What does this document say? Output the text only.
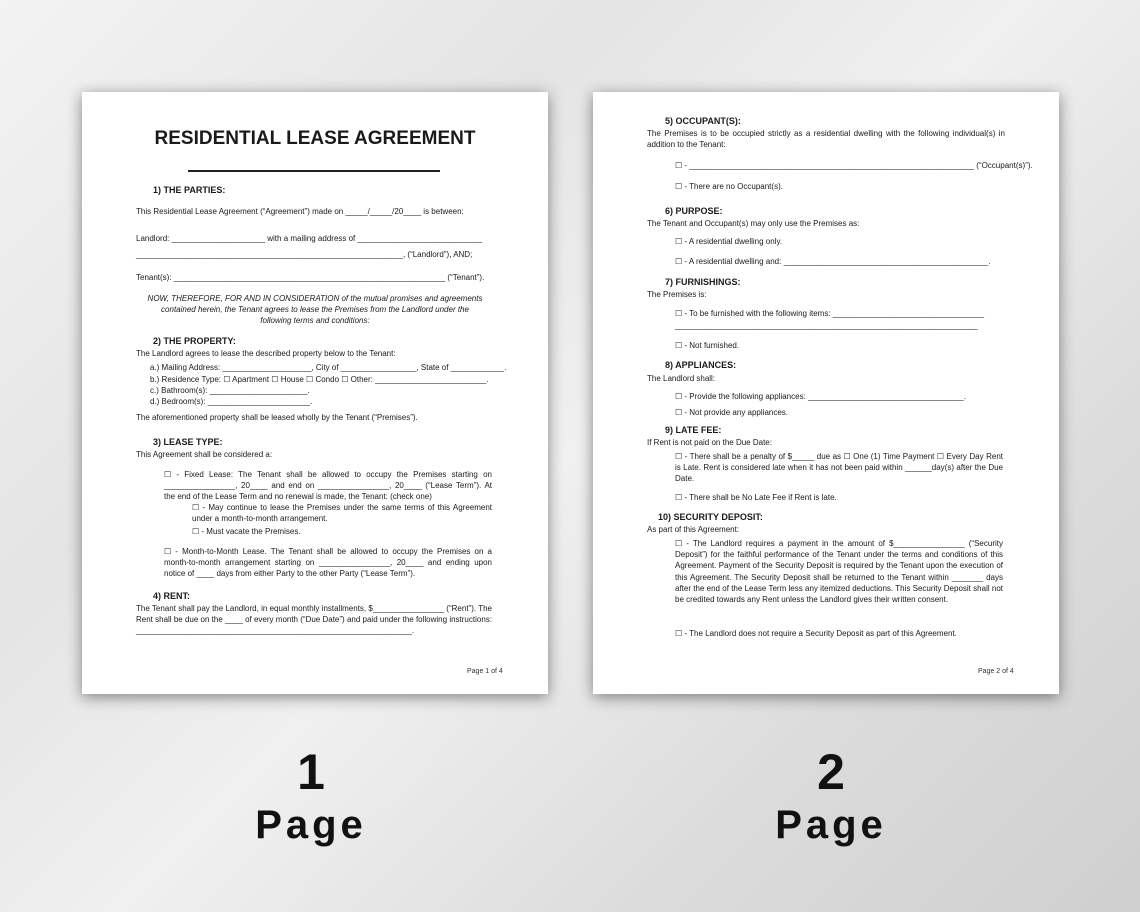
RESIDENTIAL LEASE AGREEMENT
1) THE PARTIES:
This Residential Lease Agreement (“Agreement”) made on _____/_____/20____ is between:
Landlord: _____________________ with a mailing address of ____________________________
____________________________________________________________, (“Landlord”), AND;
Tenant(s): _____________________________________________________________ (“Tenant”).
NOW, THEREFORE, FOR AND IN CONSIDERATION of the mutual promises and agreements contained herein, the Tenant agrees to lease the Premises from the Landlord under the following terms and conditions:
2) THE PROPERTY:
The Landlord agrees to lease the described property below to the Tenant:
a.) Mailing Address: ____________________, City of _________________, State of ____________.
b.) Residence Type: ☐ Apartment ☐ House ☐ Condo ☐ Other: _________________________.
c.) Bathroom(s): ______________________.
d.) Bedroom(s): _______________________.
The aforementioned property shall be leased wholly by the Tenant (“Premises”).
3) LEASE TYPE:
This Agreement shall be considered a:
☐ - Fixed Lease: The Tenant shall be allowed to occupy the Premises starting on ________________, 20____ and end on ________________, 20____ (“Lease Term”). At the end of the Lease Term and no renewal is made, the Tenant: (check one)
☐ - May continue to lease the Premises under the same terms of this Agreement under a month-to-month arrangement.
☐ - Must vacate the Premises.
☐ - Month-to-Month Lease. The Tenant shall be allowed to occupy the Premises on a month-to-month arrangement starting on ________________, 20____ and ending upon notice of ____ days from either Party to the other Party (“Lease Term”).
4) RENT:
The Tenant shall pay the Landlord, in equal monthly installments, $________________ (“Rent”). The Rent shall be due on the ____ of every month (“Due Date”) and paid under the following instructions: ______________________________________________________________.
Page 1 of 4
5) OCCUPANT(S):
The Premises is to be occupied strictly as a residential dwelling with the following individual(s) in addition to the Tenant:
☐ - ________________________________________________________________ (“Occupant(s)”).
☐ - There are no Occupant(s).
6) PURPOSE:
The Tenant and Occupant(s) may only use the Premises as:
☐ - A residential dwelling only.
☐ - A residential dwelling and: ______________________________________________.
7) FURNISHINGS:
The Premises is:
☐ - To be furnished with the following items: __________________________________
____________________________________________________________________
☐ - Not furnished.
8) APPLIANCES:
The Landlord shall:
☐ - Provide the following appliances: ___________________________________.
☐ - Not provide any appliances.
9) LATE FEE:
If Rent is not paid on the Due Date:
☐ - There shall be a penalty of $_____ due as ☐ One (1) Time Payment ☐ Every Day Rent is Late. Rent is considered late when it has not been paid within ______day(s) after the Due Date.
☐ - There shall be No Late Fee if Rent is late.
10) SECURITY DEPOSIT:
As part of this Agreement:
☐ - The Landlord requires a payment in the amount of $________________ (“Security Deposit”) for the faithful performance of the Tenant under the terms and conditions of this Agreement. Payment of the Security Deposit is required by the Tenant upon the execution of this Agreement. The Security Deposit shall be returned to the Tenant within _______ days after the end of the Lease Term less any itemized deductions. This Security Deposit shall not be credited towards any Rent unless the Landlord gives their written consent.
☐ - The Landlord does not require a Security Deposit as part of this Agreement.
Page 2 of 4
1
Page
2
Page
